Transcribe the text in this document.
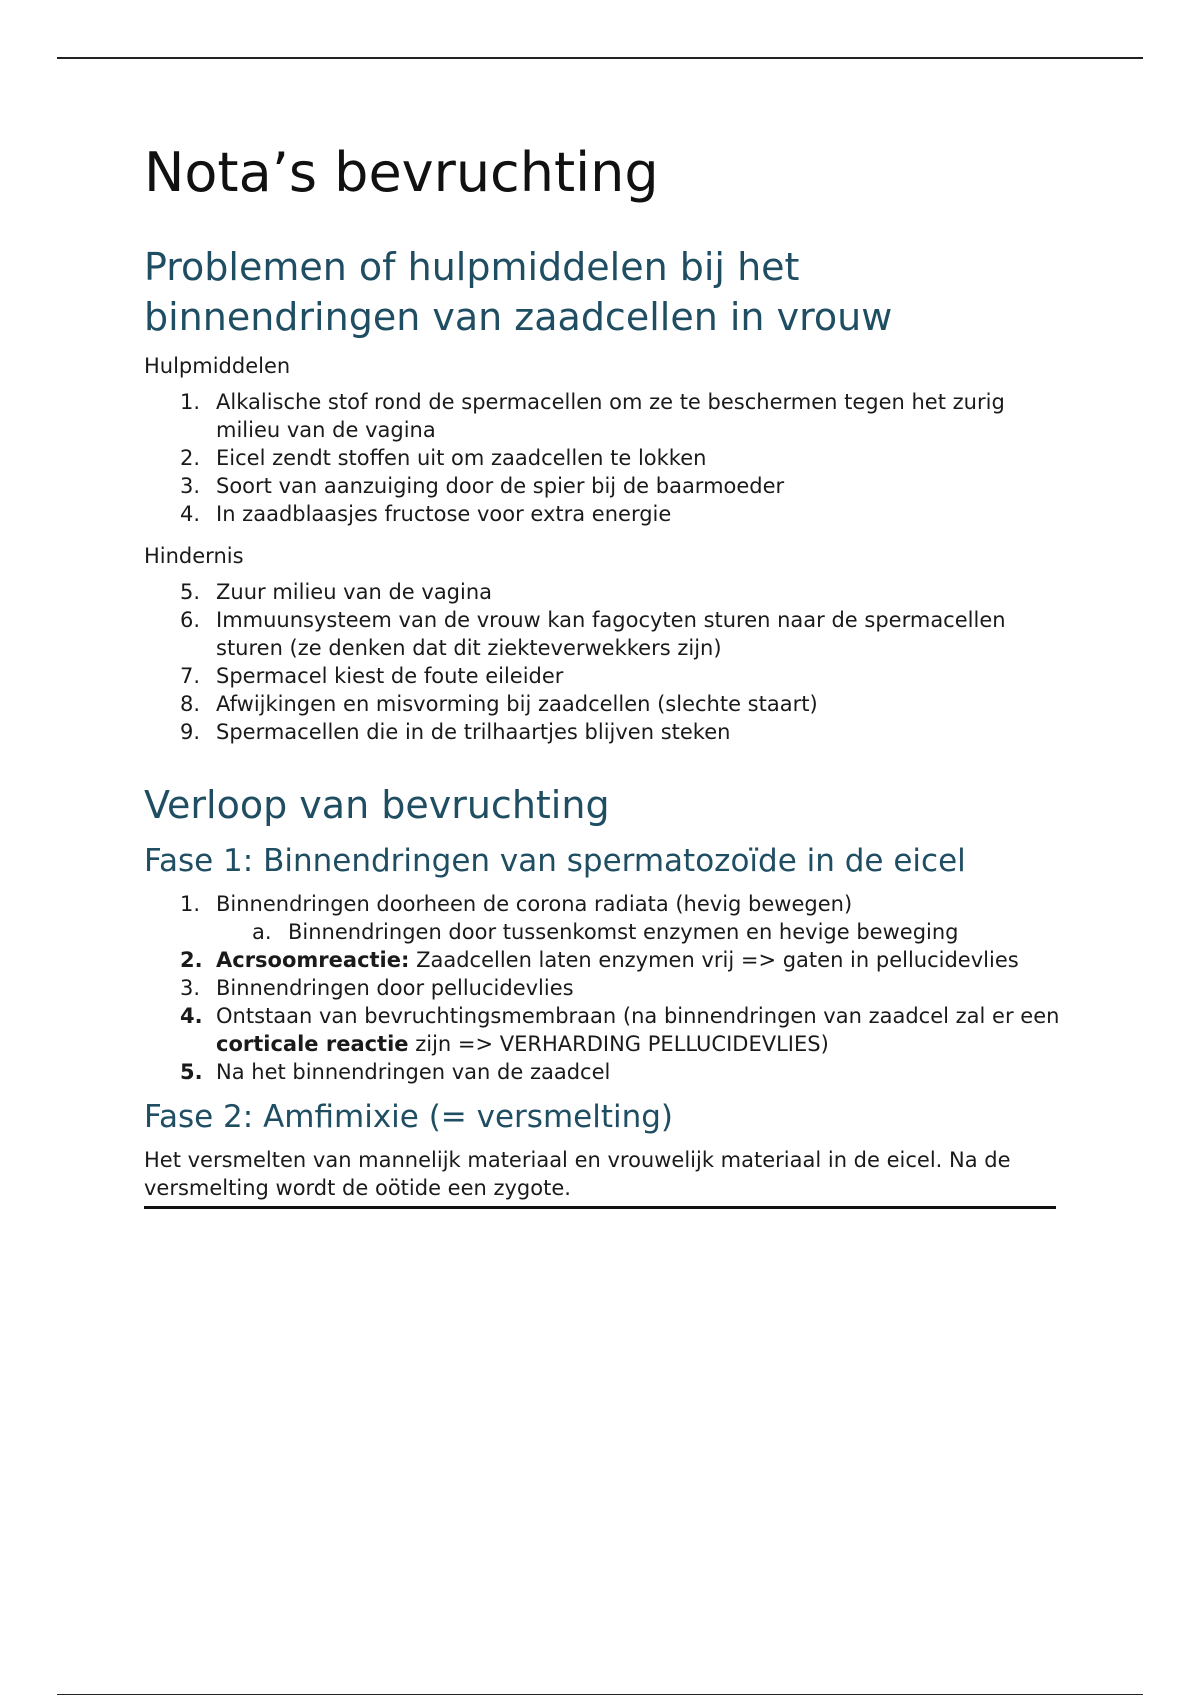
Nota’s bevruchting
Problemen of hulpmiddelen bij het
binnendringen van zaadcellen in vrouw

Hulpmiddelen

1. Alkalische stof rond de spermacellen om ze te beschermen tegen het zurig milieu van de vagina
2. Eicel zendt stoffen uit om zaadcellen te lokken
3. Soort van aanzuiging door de spier bij de baarmoeder
4. In zaadblaasjes fructose voor extra energie

Hindernis

5. Zuur milieu van de vagina
6. Immuunsysteem van de vrouw kan fagocyten sturen naar de spermacellen sturen (ze denken dat dit ziekteverwekkers zijn)
7. Spermacel kiest de foute eileider
8. Afwijkingen en misvorming bij zaadcellen (slechte staart)
9. Spermacellen die in de trilhaartjes blijven steken
Verloop van bevruchting
Fase 1: Binnendringen van spermatozoïde in de eicel
1. Binnendringen doorheen de corona radiata (hevig bewegen)
a. Binnendringen door tussenkomst enzymen en hevige beweging
2. Acrsoomreactie: Zaadcellen laten enzymen vrij => gaten in pellucidevlies
3. Binnendringen door pellucidevlies
4. Ontstaan van bevruchtingsmembraan (na binnendringen van zaadcel zal er een corticale reactie zijn => VERHARDING PELLUCIDEVLIES)
5. Na het binnendringen van de zaadcel
Fase 2: Amfimixie (= versmelting)

Het versmelten van mannelijk materiaal en vrouwelijk materiaal in de eicel. Na de versmelting wordt de oötide een zygote.
